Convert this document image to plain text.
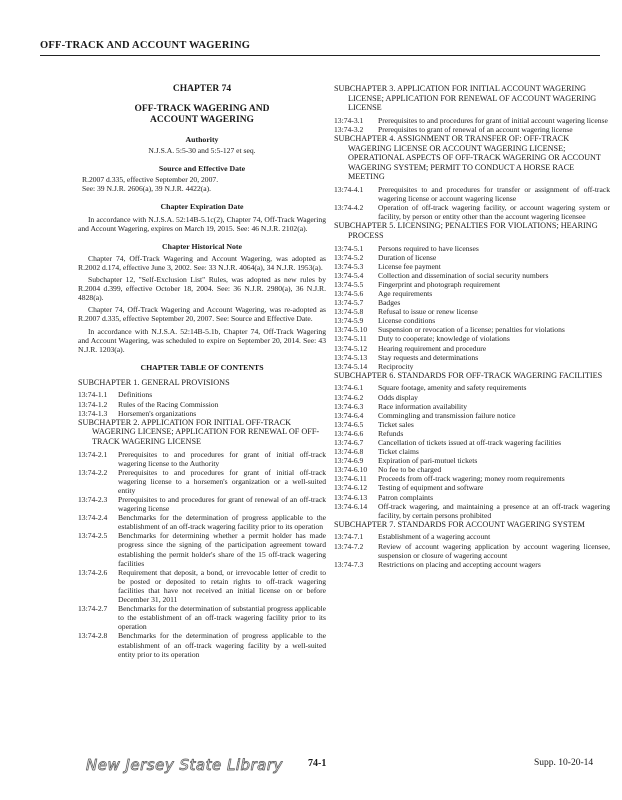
OFF-TRACK AND ACCOUNT WAGERING
CHAPTER 74
OFF-TRACK WAGERING AND
ACCOUNT WAGERING
Authority
N.J.S.A. 5:5-30 and 5:5-127 et seq.
Source and Effective Date
R.2007 d.335, effective September 20, 2007.
See: 39 N.J.R. 2606(a), 39 N.J.R. 4422(a).
Chapter Expiration Date
In accordance with N.J.S.A. 52:14B-5.1c(2), Chapter 74, Off-Track Wagering and Account Wagering, expires on March 19, 2015. See: 46 N.J.R. 2102(a).
Chapter Historical Note
Chapter 74, Off-Track Wagering and Account Wagering, was adopted as R.2002 d.174, effective June 3, 2002. See: 33 N.J.R. 4064(a), 34 N.J.R. 1953(a).
Subchapter 12, "Self-Exclusion List" Rules, was adopted as new rules by R.2004 d.399, effective October 18, 2004. See: 36 N.J.R. 2980(a), 36 N.J.R. 4828(a).
Chapter 74, Off-Track Wagering and Account Wagering, was re-adopted as R.2007 d.335, effective September 20, 2007. See: Source and Effective Date.
In accordance with N.J.S.A. 52:14B-5.1b, Chapter 74, Off-Track Wagering and Account Wagering, was scheduled to expire on September 20, 2014. See: 43 N.J.R. 1203(a).
CHAPTER TABLE OF CONTENTS
SUBCHAPTER 1. GENERAL PROVISIONS
13:74-1.1	Definitions
13:74-1.2	Rules of the Racing Commission
13:74-1.3	Horsemen's organizations
SUBCHAPTER 2. APPLICATION FOR INITIAL OFF-TRACK WAGERING LICENSE; APPLICATION FOR RENEWAL OF OFF-TRACK WAGERING LICENSE
13:74-2.1	Prerequisites to and procedures for grant of initial off-track wagering license to the Authority
13:74-2.2	Prerequisites to and procedures for grant of initial off-track wagering license to a horsemen's organization or a well-suited entity
13:74-2.3	Prerequisites to and procedures for grant of renewal of an off-track wagering license
13:74-2.4	Benchmarks for the determination of progress applicable to the establishment of an off-track wagering facility prior to its operation
13:74-2.5	Benchmarks for determining whether a permit holder has made progress since the signing of the participation agreement toward establishing the permit holder's share of the 15 off-track wagering facilities
13:74-2.6	Requirement that deposit, a bond, or irrevocable letter of credit to be posted or deposited to retain rights to off-track wagering facilities that have not received an initial license on or before December 31, 2011
13:74-2.7	Benchmarks for the determination of substantial progress applicable to the establishment of an off-track wagering facility prior to its operation
13:74-2.8	Benchmarks for the determination of progress applicable to the establishment of an off-track wagering facility by a well-suited entity prior to its operation
SUBCHAPTER 3. APPLICATION FOR INITIAL ACCOUNT WAGERING LICENSE; APPLICATION FOR RENEWAL OF ACCOUNT WAGERING LICENSE
13:74-3.1	Prerequisites to and procedures for grant of initial account wagering license
13:74-3.2	Prerequisites to grant of renewal of an account wagering license
SUBCHAPTER 4. ASSIGNMENT OR TRANSFER OF: OFF-TRACK WAGERING LICENSE OR ACCOUNT WAGERING LICENSE; OPERATIONAL ASPECTS OF OFF-TRACK WAGERING OR ACCOUNT WAGERING SYSTEM; PERMIT TO CONDUCT A HORSE RACE MEETING
13:74-4.1	Prerequisites to and procedures for transfer or assignment of off-track wagering license or account wagering license
13:74-4.2	Operation of off-track wagering facility, or account wagering system or facility, by person or entity other than the account wagering licensee
SUBCHAPTER 5. LICENSING; PENALTIES FOR VIOLATIONS; HEARING PROCESS
13:74-5.1	Persons required to have licenses
13:74-5.2	Duration of license
13:74-5.3	License fee payment
13:74-5.4	Collection and dissemination of social security numbers
13:74-5.5	Fingerprint and photograph requirement
13:74-5.6	Age requirements
13:74-5.7	Badges
13:74-5.8	Refusal to issue or renew license
13:74-5.9	License conditions
13:74-5.10	Suspension or revocation of a license; penalties for violations
13:74-5.11	Duty to cooperate; knowledge of violations
13:74-5.12	Hearing requirement and procedure
13:74-5.13	Stay requests and determinations
13:74-5.14	Reciprocity
SUBCHAPTER 6. STANDARDS FOR OFF-TRACK WAGERING FACILITIES
13:74-6.1	Square footage, amenity and safety requirements
13:74-6.2	Odds display
13:74-6.3	Race information availability
13:74-6.4	Commingling and transmission failure notice
13:74-6.5	Ticket sales
13:74-6.6	Refunds
13:74-6.7	Cancellation of tickets issued at off-track wagering facilities
13:74-6.8	Ticket claims
13:74-6.9	Expiration of pari-mutuel tickets
13:74-6.10	No fee to be charged
13:74-6.11	Proceeds from off-track wagering; money room requirements
13:74-6.12	Testing of equipment and software
13:74-6.13	Patron complaints
13:74-6.14	Off-track wagering, and maintaining a presence at an off-track wagering facility, by certain persons prohibited
SUBCHAPTER 7. STANDARDS FOR ACCOUNT WAGERING SYSTEM
13:74-7.1	Establishment of a wagering account
13:74-7.2	Review of account wagering application by account wagering licensee, suspension or closure of wagering account
13:74-7.3	Restrictions on placing and accepting account wagers
New Jersey State Library	74-1	Supp. 10-20-14
